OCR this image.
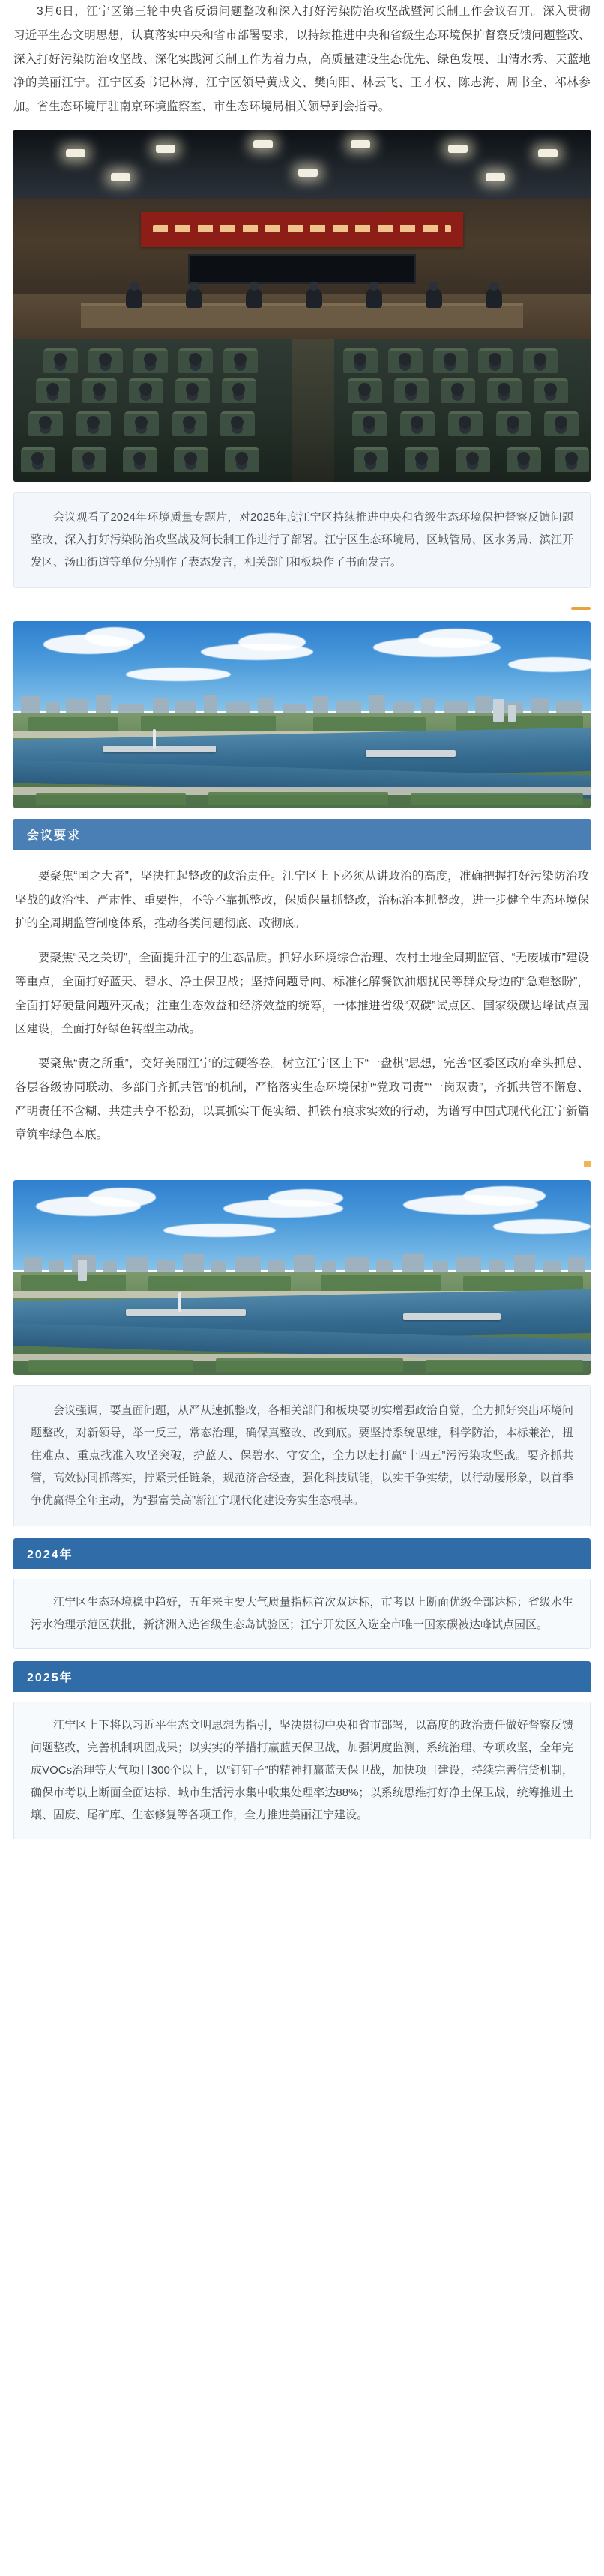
3月6日，江宁区第三轮中央省反馈问题整改和深入打好污染防治攻坚战暨河长制工作会议召开。深入贯彻习近平生态文明思想，认真落实中央和省市部署要求，以持续推进中央和省级生态环境保护督察反馈问题整改、深入打好污染防治攻坚战、深化实践河长制工作为着力点，高质量建设生态优先、绿色发展、山清水秀、天蓝地净的美丽江宁。江宁区委书记林海、江宁区领导黄成文、樊向阳、林云飞、王才权、陈志海、周书全、祁林参加。省生态环境厅驻南京环境监察室、市生态环境局相关领导到会指导。

会议观看了2024年环境质量专题片，对2025年度江宁区持续推进中央和省级生态环境保护督察反馈问题整改、深入打好污染防治攻坚战及河长制工作进行了部署。江宁区生态环境局、区城管局、区水务局、滨江开发区、汤山街道等单位分别作了表态发言，相关部门和板块作了书面发言。

会议要求

要聚焦“国之大者”，坚决扛起整改的政治责任。江宁区上下必须从讲政治的高度，准确把握打好污染防治攻坚战的政治性、严肃性、重要性，不等不靠抓整改，保质保量抓整改，治标治本抓整改，进一步健全生态环境保护的全周期监管制度体系，推动各类问题彻底、改彻底。

要聚焦“民之关切”，全面提升江宁的生态品质。抓好水环境综合治理、农村土地全周期监管、“无废城市”建设等重点，全面打好蓝天、碧水、净土保卫战；坚持问题导向、标准化解餐饮油烟扰民等群众身边的“急难愁盼”，全面打好硬量问题歼灭战；注重生态效益和经济效益的统筹，一体推进省级“双碳”试点区、国家级碳达峰试点园区建设，全面打好绿色转型主动战。

要聚焦“责之所重”，交好美丽江宁的过硬答卷。树立江宁区上下“一盘棋”思想，完善“区委区政府牵头抓总、各层各级协同联动、多部门齐抓共管”的机制，严格落实生态环境保护“党政同责”“一岗双责”，齐抓共管不懈怠、严明责任不含糊、共建共享不松劲，以真抓实干促实绩、抓铁有痕求实效的行动，为谱写中国式现代化江宁新篇章筑牢绿色本底。

会议强调，要直面问题，从严从速抓整改，各相关部门和板块要切实增强政治自觉，全力抓好突出环境问题整改，对新领导，举一反三，常态治理，确保真整改、改到底。要坚持系统思维，科学防治，本标兼治，扭住难点、重点找准入攻坚突破，护蓝天、保碧水、守安全，全力以赴打赢“十四五”污污染攻坚战。要齐抓共管，高效协同抓落实，拧紧责任链条，规范济合经查，强化科技赋能，以实干争实绩，以行动屡形象，以首季争优赢得全年主动，为“强富美高”新江宁现代化建设夯实生态根基。

2024年

江宁区生态环境稳中趋好，五年来主要大气质量指标首次双达标，市考以上断面优级全部达标；省级水生污水治理示范区获批，新济洲入选省级生态岛试验区；江宁开发区入选全市唯一国家碳被达峰试点园区。

2025年

江宁区上下将以习近平生态文明思想为指引，坚决贯彻中央和省市部署，以高度的政治责任做好督察反馈问题整改，完善机制巩固成果；以实实的举措打赢蓝天保卫战，加强调度监测、系统治理、专项攻坚，全年完成VOCs治理等大气项目300个以上，以“钉钉子”的精神打赢蓝天保卫战，加快项目建设，持续完善信贷机制，确保市考以上断面全面达标、城市生活污水集中收集处理率达88%；以系统思维打好净土保卫战，统筹推进土壤、固废、尾矿库、生态修复等各项工作，全力推进美丽江宁建设。
